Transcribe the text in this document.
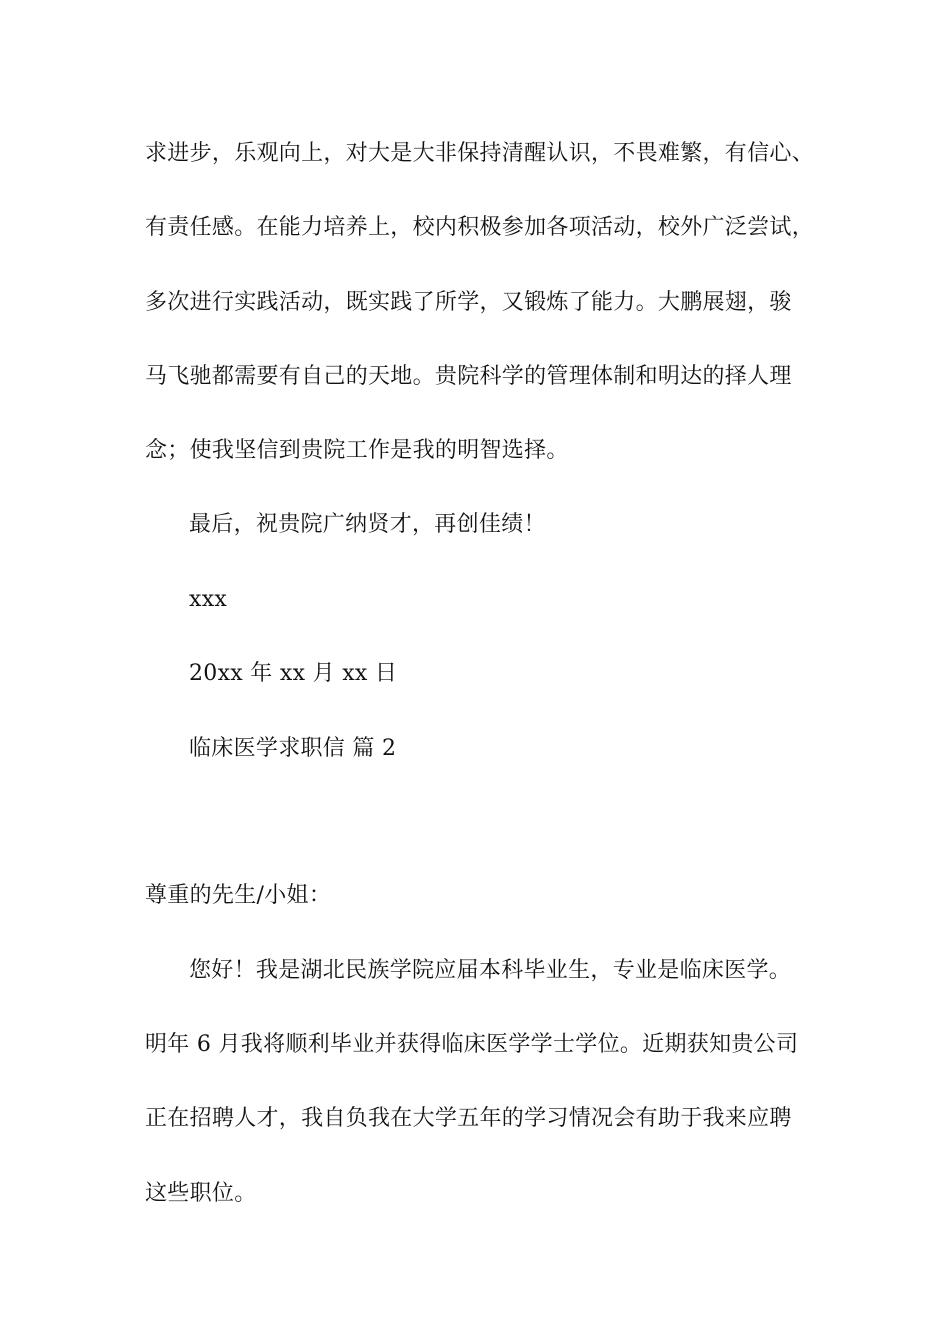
求进步，乐观向上，对大是大非保持清醒认识，不畏难繁，有信心、
有责任感。在能力培养上，校内积极参加各项活动，校外广泛尝试，
多次进行实践活动，既实践了所学，又锻炼了能力。大鹏展翅，骏
马飞驰都需要有自己的天地。贵院科学的管理体制和明达的择人理
念；使我坚信到贵院工作是我的明智选择。
最后，祝贵院广纳贤才，再创佳绩！
xxx
20xx 年 xx 月 xx 日
临床医学求职信 篇 2
尊重的先生/小姐：
您好！我是湖北民族学院应届本科毕业生，专业是临床医学。
明年 6 月我将顺利毕业并获得临床医学学士学位。近期获知贵公司
正在招聘人才，我自负我在大学五年的学习情况会有助于我来应聘
这些职位。
